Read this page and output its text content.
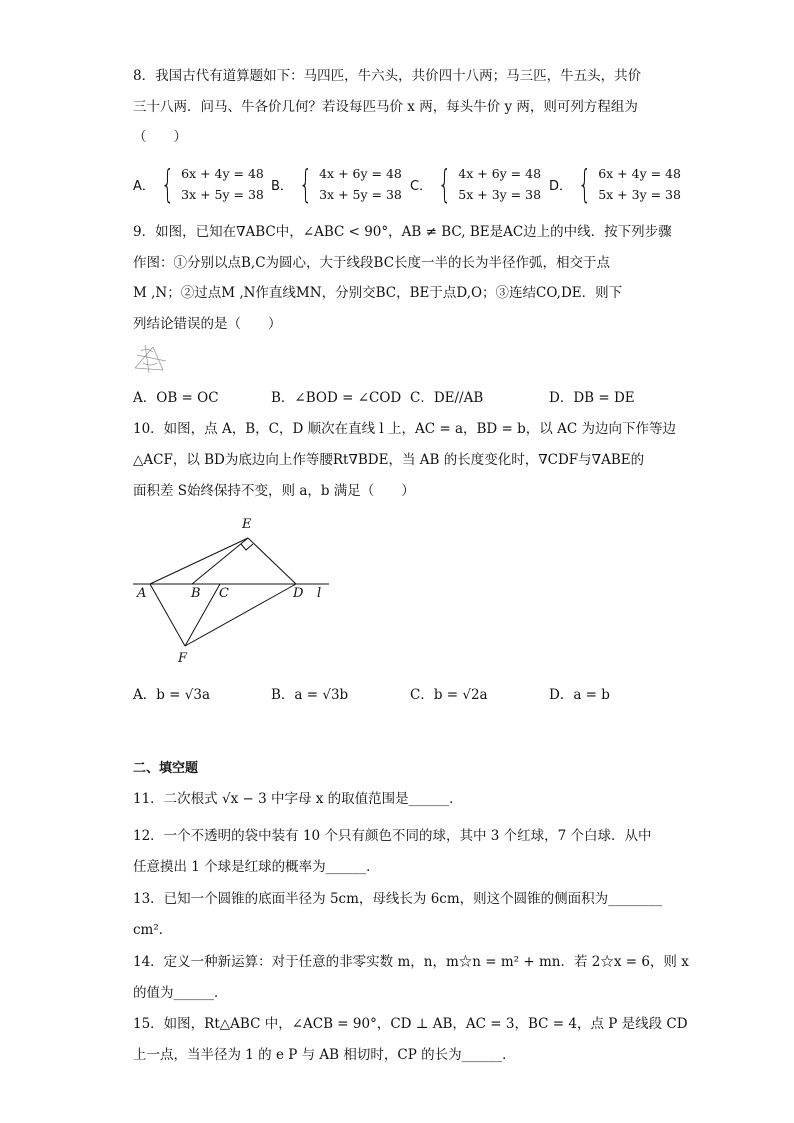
8．我国古代有道算题如下：马四匹，牛六头，共价四十八两；马三匹，牛五头，共价
三十八两．问马、牛各价几何？若设每匹马价 x 两，每头牛价 y 两，则可列方程组为
（　　）
A． { 6x + 4y = 48
3x + 5y = 38
B． { 4x + 6y = 48
3x + 5y = 38
C． { 4x + 6y = 48
5x + 3y = 38
D． { 6x + 4y = 48
5x + 3y = 38
9．如图，已知在∇ABC中，∠ABC < 90°，AB ≠ BC, BE是AC边上的中线．按下列步骤
作图：①分别以点B,C为圆心，大于线段BC长度一半的长为半径作弧，相交于点
M ,N；②过点M ,N作直线MN，分别交BC，BE于点D,O；③连结CO,DE．则下
列结论错误的是（　　）
A．OB = OC	B．∠BOD = ∠COD C．DE//AB	D．DB = DE
10．如图，点 A，B，C，D 顺次在直线 l 上，AC = a，BD = b，以 AC 为边向下作等边
△ACF，以 BD为底边向上作等腰Rt∇BDE，当 AB 的长度变化时，∇CDF与∇ABE的
面积差 S始终保持不变，则 a，b 满足（　　）
E
A	B C	D l
F
A．b = √3a	B．a = √3b	C．b = √2a	D．a = b
二、填空题
11．二次根式 √x − 3 中字母 x 的取值范围是______．
12．一个不透明的袋中装有 10 个只有颜色不同的球，其中 3 个红球，7 个白球．从中
任意摸出 1 个球是红球的概率为______．
13．已知一个圆锥的底面半径为 5cm，母线长为 6cm，则这个圆锥的侧面积为________
cm²．
14．定义一种新运算：对于任意的非零实数 m，n，m☆n = m² + mn．若 2☆x = 6，则 x
的值为______．
15．如图，Rt△ABC 中，∠ACB = 90°，CD ⊥ AB，AC = 3，BC = 4，点 P 是线段 CD
上一点，当半径为 1 的 e P 与 AB 相切时，CP 的长为______．
